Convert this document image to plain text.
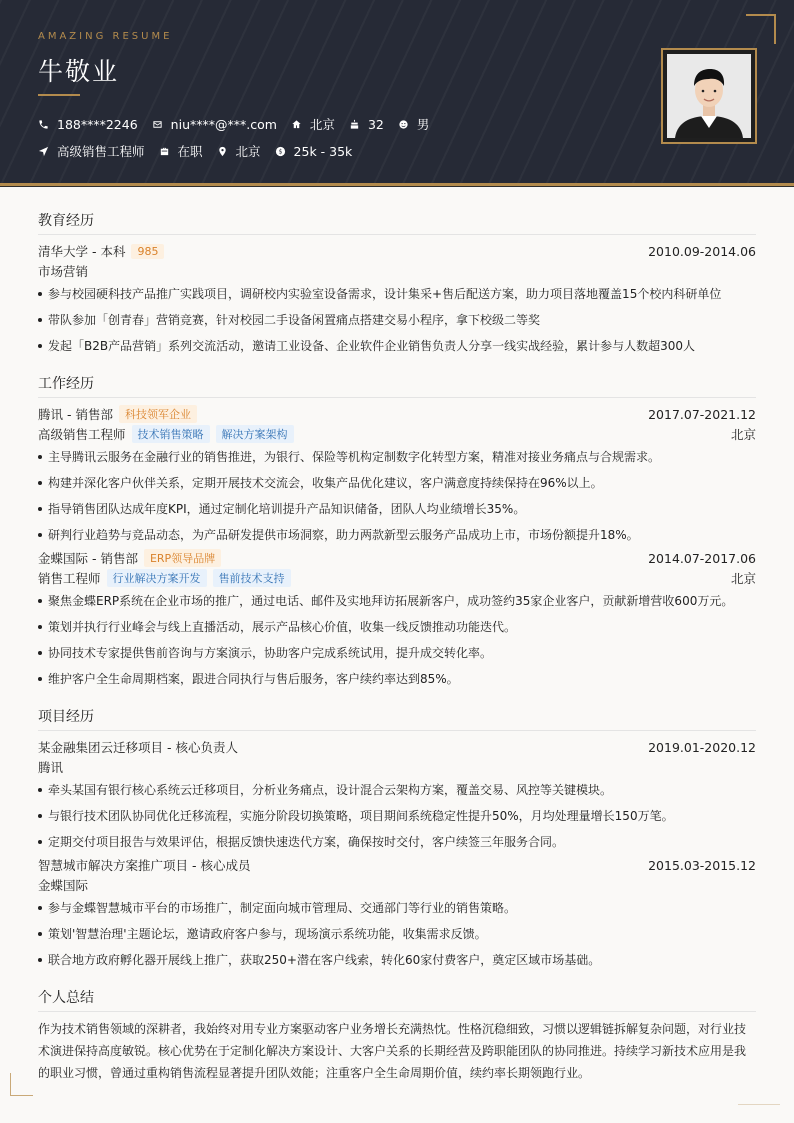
AMAZING RESUME
牛敬业
188****2246	niu****@***.com	北京	32	男
高级销售工程师	在职	北京 $ 25k - 35k
教育经历
清华大学 - 本科	985	2010.09-2014.06
市场营销
参与校园硬科技产品推广实践项目，调研校内实验室设备需求，设计集采+售后配送方案，助力项目落地覆盖15个校内科研单位
带队参加「创青春」营销竞赛，针对校园二手设备闲置痛点搭建交易小程序，拿下校级二等奖
发起「B2B产品营销」系列交流活动，邀请工业设备、企业软件企业销售负责人分享一线实战经验，累计参与人数超300人
工作经历
腾讯 - 销售部	科技领军企业	2017.07-2021.12
高级销售工程师	技术销售策略	解决方案架构	北京
主导腾讯云服务在金融行业的销售推进，为银行、保险等机构定制数字化转型方案，精准对接业务痛点与合规需求。
构建并深化客户伙伴关系，定期开展技术交流会，收集产品优化建议，客户满意度持续保持在96%以上。
指导销售团队达成年度KPI，通过定制化培训提升产品知识储备，团队人均业绩增长35%。
研判行业趋势与竞品动态，为产品研发提供市场洞察，助力两款新型云服务产品成功上市，市场份额提升18%。
金蝶国际 - 销售部	ERP领导品牌	2014.07-2017.06
销售工程师	行业解决方案开发	售前技术支持	北京
聚焦金蝶ERP系统在企业市场的推广，通过电话、邮件及实地拜访拓展新客户，成功签约35家企业客户，贡献新增营收600万元。
策划并执行行业峰会与线上直播活动，展示产品核心价值，收集一线反馈推动功能迭代。
协同技术专家提供售前咨询与方案演示，协助客户完成系统试用，提升成交转化率。
维护客户全生命周期档案，跟进合同执行与售后服务，客户续约率达到85%。
项目经历
某金融集团云迁移项目 - 核心负责人	2019.01-2020.12
腾讯
牵头某国有银行核心系统云迁移项目，分析业务痛点，设计混合云架构方案，覆盖交易、风控等关键模块。
与银行技术团队协同优化迁移流程，实施分阶段切换策略，项目期间系统稳定性提升50%，月均处理量增长150万笔。
定期交付项目报告与效果评估，根据反馈快速迭代方案，确保按时交付，客户续签三年服务合同。
智慧城市解决方案推广项目 - 核心成员	2015.03-2015.12
金蝶国际
参与金蝶智慧城市平台的市场推广，制定面向城市管理局、交通部门等行业的销售策略。
策划'智慧治理'主题论坛，邀请政府客户参与，现场演示系统功能，收集需求反馈。
联合地方政府孵化器开展线上推广，获取250+潜在客户线索，转化60家付费客户，奠定区域市场基础。
个人总结

作为技术销售领域的深耕者，我始终对用专业方案驱动客户业务增长充满热忱。性格沉稳细致，习惯以逻辑链拆解复杂问题，对行业技术演进保持高度敏锐。核心优势在于定制化解决方案设计、大客户关系的长期经营及跨职能团队的协同推进。持续学习新技术应用是我的职业习惯，曾通过重构销售流程显著提升团队效能；注重客户全生命周期价值，续约率长期领跑行业。
